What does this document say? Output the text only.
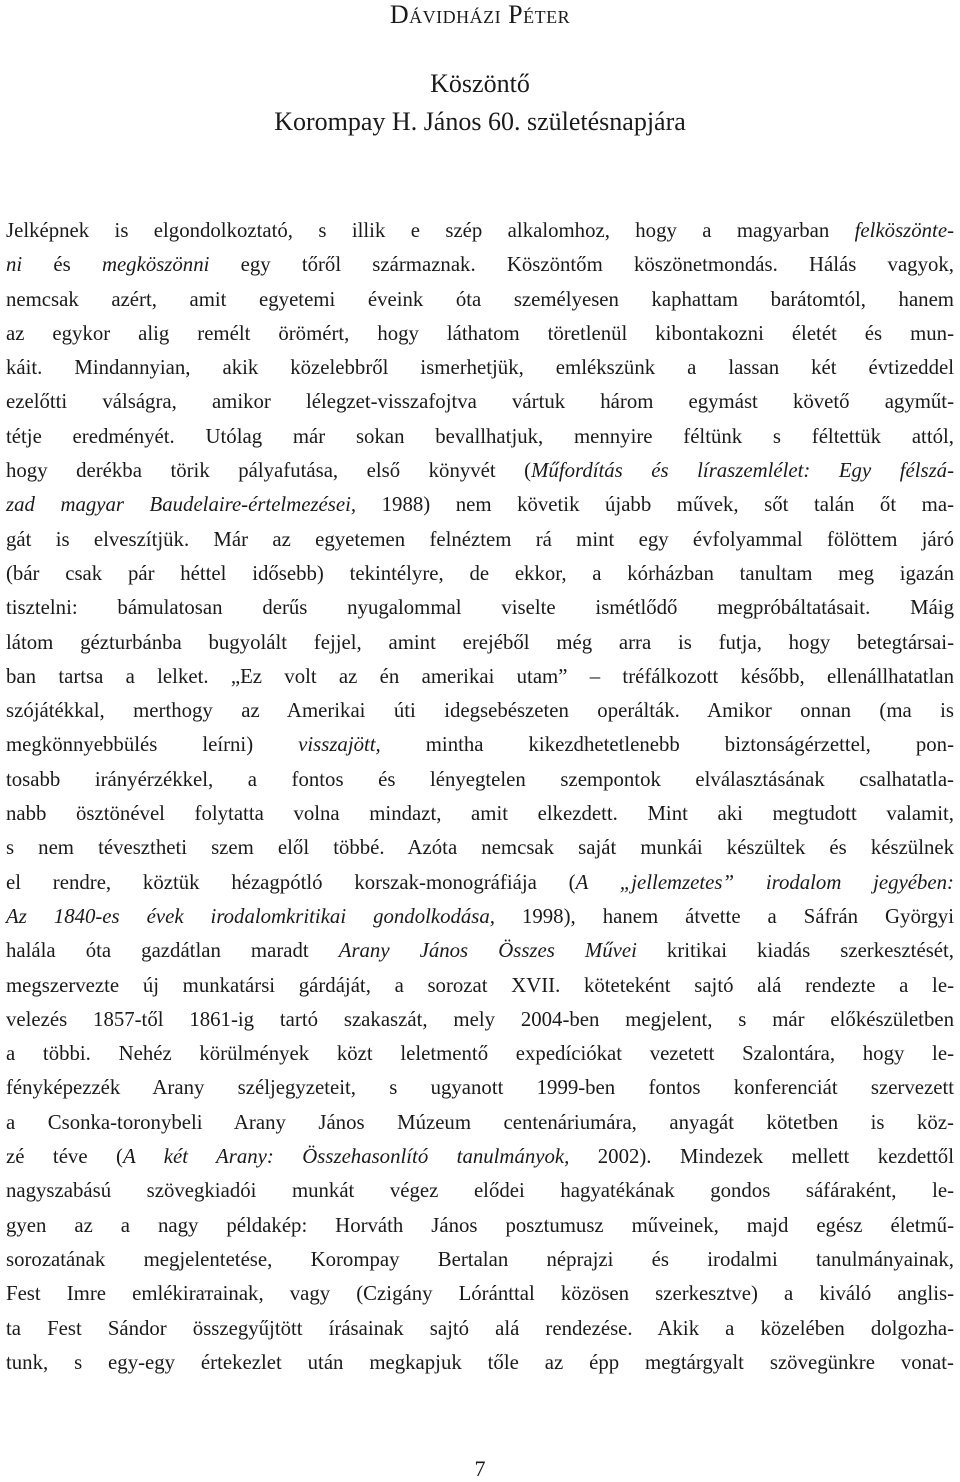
Dávidházi Péter
Köszöntő
Korompay H. János 60. születésnapjára
Jelképnek is elgondolkoztató, s illik e szép alkalomhoz, hogy a magyarban felköszönte-
ni és megköszönni egy tőről származnak. Köszöntőm köszönetmondás. Hálás vagyok,
nemcsak azért, amit egyetemi éveink óta személyesen kaphattam barátomtól, hanem
az egykor alig remélt örömért, hogy láthatom töretlenül kibontakozni életét és mun-
káit. Mindannyian, akik közelebbről ismerhetjük, emlékszünk a lassan két évtizeddel
ezelőtti válságra, amikor lélegzet-visszafojtva vártuk három egymást követő agyműt-
tétje eredményét. Utólag már sokan bevallhatjuk, mennyire féltünk s féltettük attól,
hogy derékba törik pályafutása, első könyvét (Műfordítás és líraszemlélet: Egy félszá-
zad magyar Baudelaire-értelmezései, 1988) nem követik újabb művek, sőt talán őt ma-
gát is elveszítjük. Már az egyetemen felnéztem rá mint egy évfolyammal fölöttem járó
(bár csak pár héttel idősebb) tekintélyre, de ekkor, a kórházban tanultam meg igazán
tisztelni: bámulatosan derűs nyugalommal viselte ismétlődő megpróbáltatásait. Máig
látom gézturbánba bugyolált fejjel, amint erejéből még arra is futja, hogy betegtársai-
ban tartsa a lelket. „Ez volt az én amerikai utam” – tréfálkozott később, ellenállhatatlan
szójátékkal, merthogy az Amerikai úti idegsebészeten operálták. Amikor onnan (ma is
megkönnyebbülés leírni) visszajött, mintha kikezdhetetlenebb biztonságérzettel, pon-
tosabb irányérzékkel, a fontos és lényegtelen szempontok elválasztásának csalhatatla-
nabb ösztönével folytatta volna mindazt, amit elkezdett. Mint aki megtudott valamit,
s nem tévesztheti szem elől többé. Azóta nemcsak saját munkái készültek és készülnek
el rendre, köztük hézagpótló korszak-monográfiája (A „jellemzetes” irodalom jegyében:
Az 1840-es évek irodalomkritikai gondolkodása, 1998), hanem átvette a Sáfrán Györgyi
halála óta gazdátlan maradt Arany János Összes Művei kritikai kiadás szerkesztését,
megszervezte új munkatársi gárdáját, a sorozat XVII. köteteként sajtó alá rendezte a le-
velezés 1857-től 1861-ig tartó szakaszát, mely 2004-ben megjelent, s már előkészületben
a többi. Nehéz körülmények közt leletmentő expedíciókat vezetett Szalontára, hogy le-
fényképezzék Arany széljegyzeteit, s ugyanott 1999-ben fontos konferenciát szervezett
a Csonka-toronybeli Arany János Múzeum centenáriumára, anyagát kötetben is köz-
zé téve (A két Arany: Összehasonlító tanulmányok, 2002). Mindezek mellett kezdettől
nagyszabású szövegkiadói munkát végez elődei hagyatékának gondos sáfáraként, le-
gyen az a nagy példakép: Horváth János posztumusz műveinek, majd egész életmű-
sorozatának megjelentetése, Korompay Bertalan néprajzi és irodalmi tanulmányainak,
Fest Imre emlékirатainak, vagy (Czigány Lóránttal közösen szerkesztve) a kiváló anglis-
ta Fest Sándor összegyűjtött írásainak sajtó alá rendezése. Akik a közelében dolgozha-
tunk, s egy-egy értekezlet után megkapjuk tőle az épp megtárgyalt szövegünkre vonat-
7
